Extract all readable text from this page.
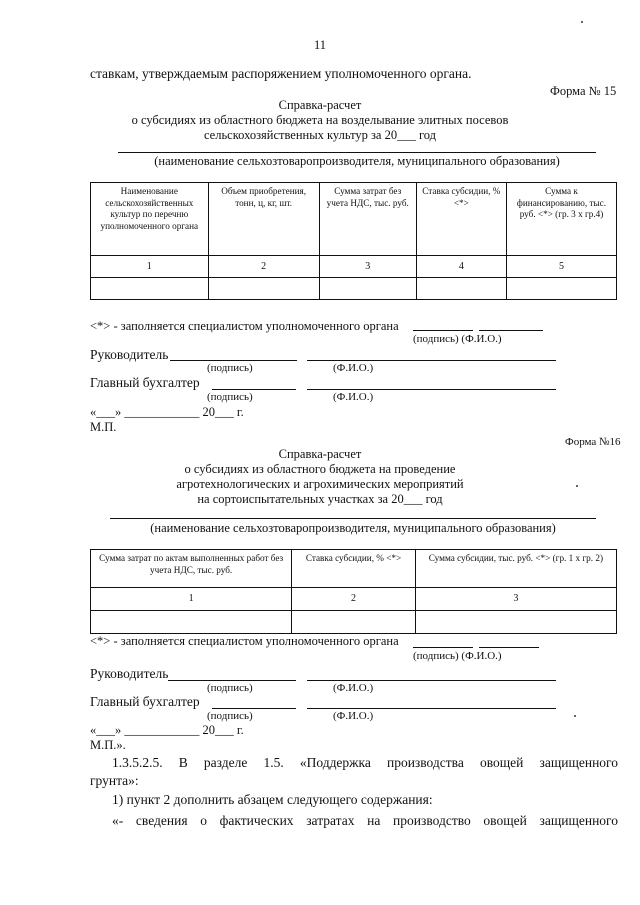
11
ставкам, утверждаемым распоряжением уполномоченного органа.
Форма № 15
Справка-расчет
о субсидиях из областного бюджета на возделывание элитных посевов
сельскохозяйственных культур за 20___ год
(наименование сельхозтоваропроизводителя, муниципального образования)
Наименование сельскохозяйственных культур по перечню уполномоченного органа	Объем приобретения, тонн, ц, кг, шт.	Сумма затрат без учета НДС, тыс. руб.	Ставка субсидии, % <*>	Сумма к финансированию, тыс. руб. <*> (гр. 3 х гр.4)
1	2	3	4	5

<*> - заполняется специалистом уполномоченного органа
(подпись) (Ф.И.О.)
Руководитель
(подпись)	(Ф.И.О.)
Главный бухгалтер
(подпись)	(Ф.И.О.)
«___» ____________ 20___ г.
М.П.
Форма №16
Справка-расчет
о субсидиях из областного бюджета на проведение
агротехнологических и агрохимических мероприятий
на сортоиспытательных участках за 20___ год
(наименование сельхозтоваропроизводителя, муниципального образования)
Сумма затрат по актам выполненных работ без учета НДС, тыс. руб.	Ставка субсидии, % <*>	Сумма субсидии, тыс. руб. <*> (гр. 1 х гр. 2)
1	2	3

<*> - заполняется специалистом уполномоченного органа
(подпись) (Ф.И.О.)
Руководитель
(подпись)	(Ф.И.О.)
Главный бухгалтер
(подпись)	(Ф.И.О.)
«___» ____________ 20___ г.
М.П.».
1.3.5.2.5. В разделе 1.5. «Поддержка производства овощей защищенного
грунта»:
1) пункт 2 дополнить абзацем следующего содержания:
«- сведения о фактических затратах на производство овощей защищенного
